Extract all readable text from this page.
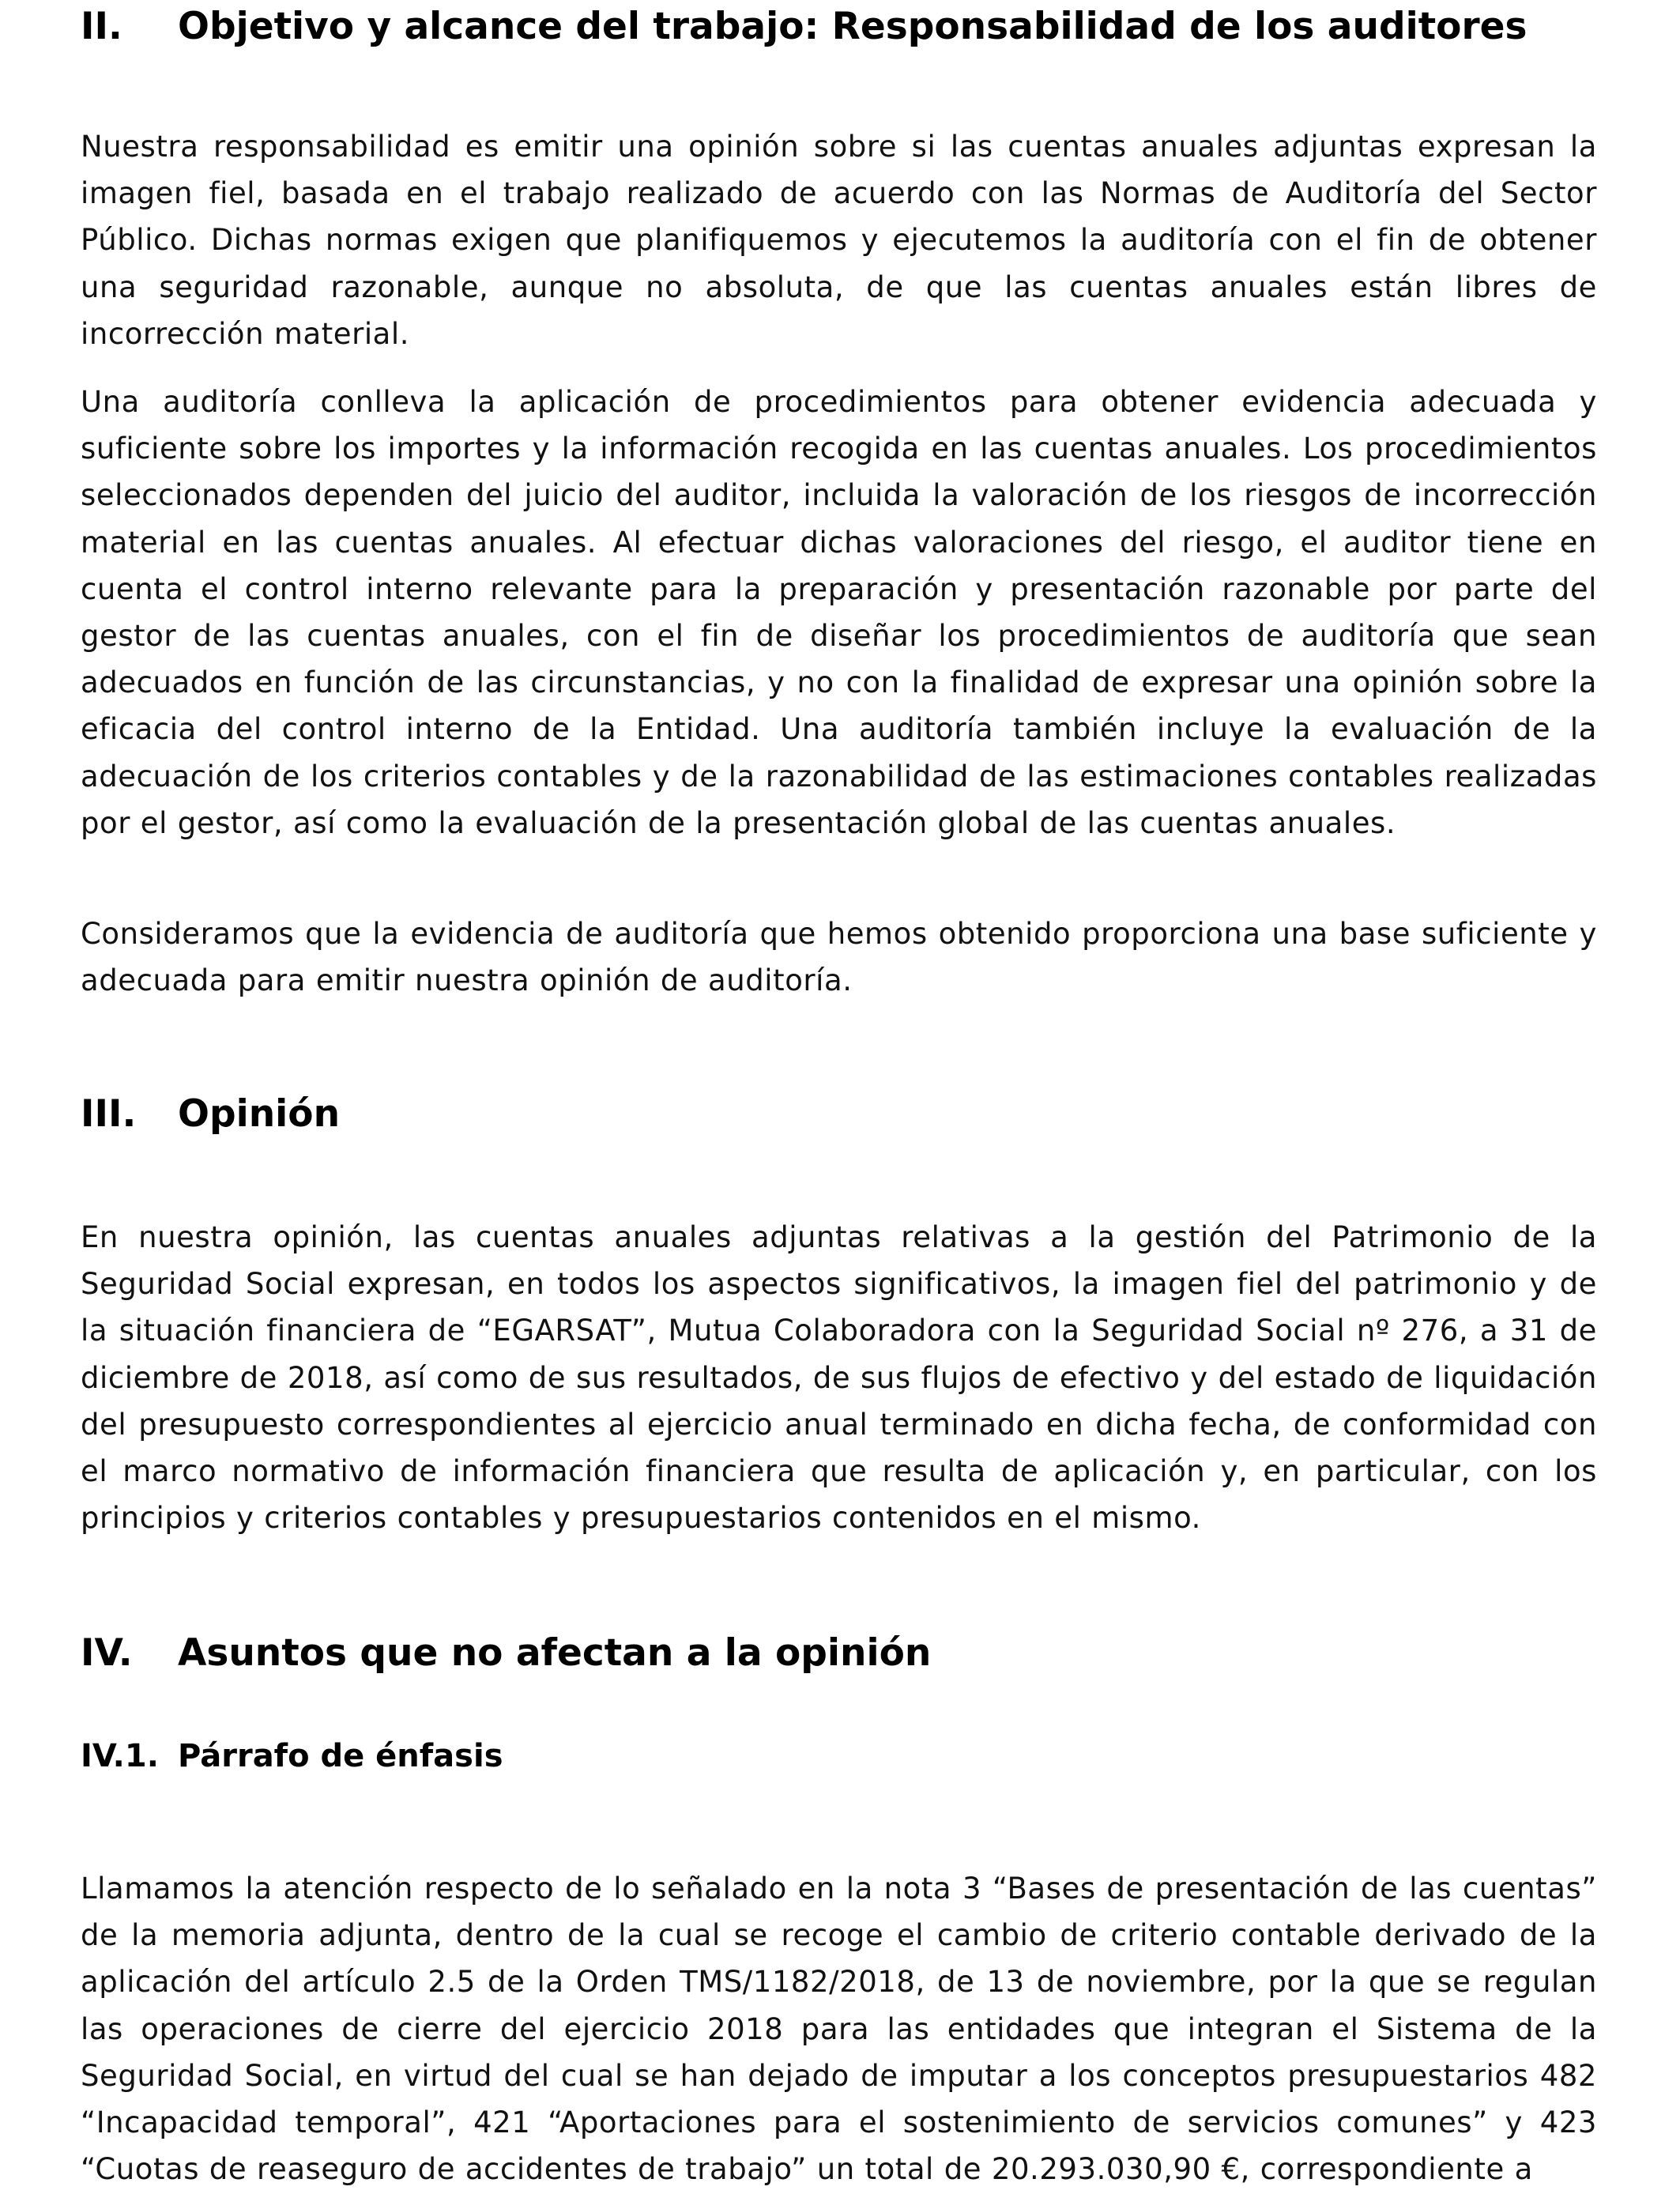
II.	Objetivo y alcance del trabajo: Responsabilidad de los auditores

Nuestra responsabilidad es emitir una opinión sobre si las cuentas anuales adjuntas expresan la imagen fiel, basada en el trabajo realizado de acuerdo con las Normas de Auditoría del Sector Público. Dichas normas exigen que planifiquemos y ejecutemos la auditoría con el fin de obtener una seguridad razonable, aunque no absoluta, de que las cuentas anuales están libres de incorrección material.

Una auditoría conlleva la aplicación de procedimientos para obtener evidencia adecuada y suficiente sobre los importes y la información recogida en las cuentas anuales. Los procedimientos seleccionados dependen del juicio del auditor, incluida la valoración de los riesgos de incorrección material en las cuentas anuales. Al efectuar dichas valoraciones del riesgo, el auditor tiene en cuenta el control interno relevante para la preparación y presentación razonable por parte del gestor de las cuentas anuales, con el fin de diseñar los procedimientos de auditoría que sean adecuados en función de las circunstancias, y no con la finalidad de expresar una opinión sobre la eficacia del control interno de la Entidad. Una auditoría también incluye la evaluación de la adecuación de los criterios contables y de la razonabilidad de las estimaciones contables realizadas por el gestor, así como la evaluación de la presentación global de las cuentas anuales.

Consideramos que la evidencia de auditoría que hemos obtenido proporciona una base suficiente y adecuada para emitir nuestra opinión de auditoría.

III.	Opinión

En nuestra opinión, las cuentas anuales adjuntas relativas a la gestión del Patrimonio de la Seguridad Social expresan, en todos los aspectos significativos, la imagen fiel del patrimonio y de la situación financiera de “EGARSAT”, Mutua Colaboradora con la Seguridad Social nº 276, a 31 de diciembre de 2018, así como de sus resultados, de sus flujos de efectivo y del estado de liquidación del presupuesto correspondientes al ejercicio anual terminado en dicha fecha, de conformidad con el marco normativo de información financiera que resulta de aplicación y, en particular, con los principios y criterios contables y presupuestarios contenidos en el mismo.

IV.	Asuntos que no afectan a la opinión
IV.1. Párrafo de énfasis

Llamamos la atención respecto de lo señalado en la nota 3 “Bases de presentación de las cuentas” de la memoria adjunta, dentro de la cual se recoge el cambio de criterio contable derivado de la aplicación del artículo 2.5 de la Orden TMS/1182/2018, de 13 de noviembre, por la que se regulan las operaciones de cierre del ejercicio 2018 para las entidades que integran el Sistema de la Seguridad Social, en virtud del cual se han dejado de imputar a los conceptos presupuestarios 482 “Incapacidad temporal”, 421 “Aportaciones para el sostenimiento de servicios comunes” y 423 “Cuotas de reaseguro de accidentes de trabajo” un total de 20.293.030,90 €, correspondiente a
